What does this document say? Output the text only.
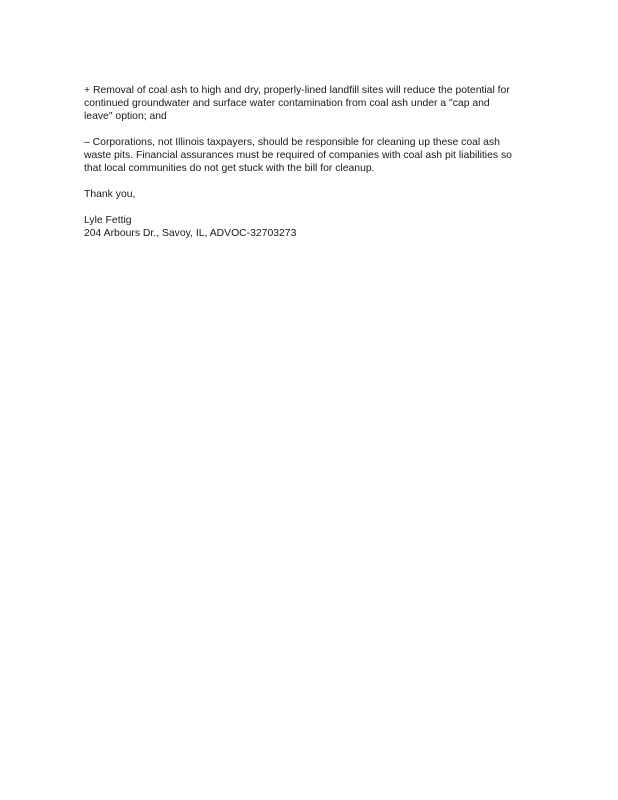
+ Removal of coal ash to high and dry, properly-lined landfill sites will reduce the potential for
continued groundwater and surface water contamination from coal ash under a "cap and
leave" option; and

– Corporations, not Illinois taxpayers, should be responsible for cleaning up these coal ash
waste pits. Financial assurances must be required of companies with coal ash pit liabilities so
that local communities do not get stuck with the bill for cleanup.

Thank you,

Lyle Fettig
204 Arbours Dr., Savoy, IL, ADVOC-32703273
